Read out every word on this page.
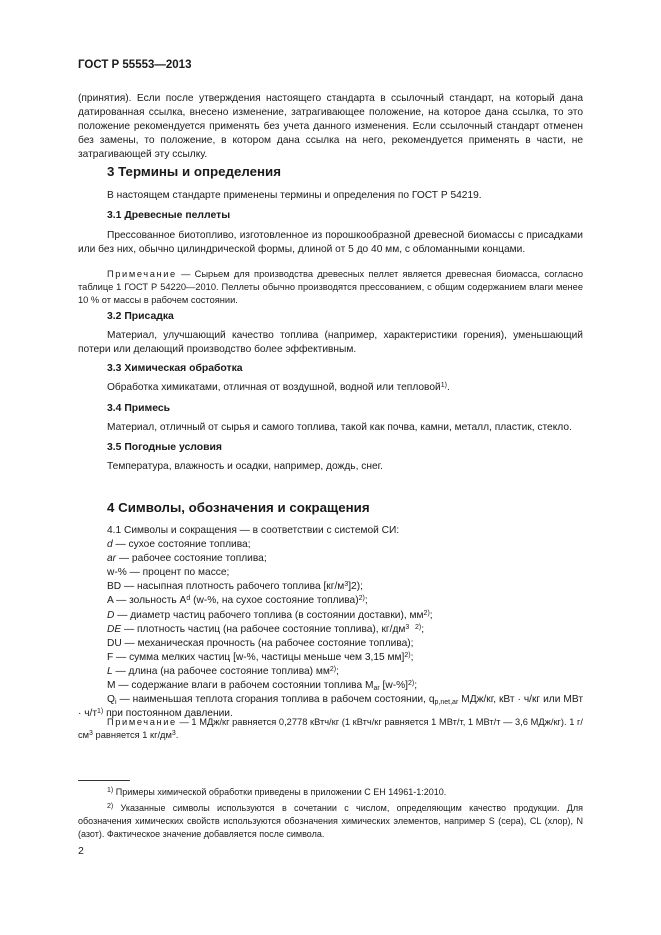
ГОСТ Р 55553—2013
(принятия). Если после утверждения настоящего стандарта в ссылочный стандарт, на который дана датированная ссылка, внесено изменение, затрагивающее положение, на которое дана ссылка, то это положение рекомендуется применять без учета данного изменения. Если ссылочный стандарт отменен без замены, то положение, в котором дана ссылка на него, рекомендуется применять в части, не затрагивающей эту ссылку.
3 Термины и определения
В настоящем стандарте применены термины и определения по ГОСТ Р 54219.
3.1 Древесные пеллеты
Прессованное биотопливо, изготовленное из порошкообразной древесной биомассы с присадками или без них, обычно цилиндрической формы, длиной от 5 до 40 мм, с обломанными концами.
Примечание — Сырьем для производства древесных пеллет является древесная биомасса, согласно таблице 1 ГОСТ Р 54220—2010. Пеллеты обычно производятся прессованием, с общим содержанием влаги менее 10 % от массы в рабочем состоянии.
3.2 Присадка
Материал, улучшающий качество топлива (например, характеристики горения), уменьшающий потери или делающий производство более эффективным.
3.3 Химическая обработка
Обработка химикатами, отличная от воздушной, водной или тепловой$^{1)}$.
3.4 Примесь
Материал, отличный от сырья и самого топлива, такой как почва, камни, металл, пластик, стекло.
3.5 Погодные условия
Температура, влажность и осадки, например, дождь, снег.
4 Символы, обозначения и сокращения
4.1 Символы и сокращения — в соответствии с системой СИ:
d — сухое состояние топлива;
ar — рабочее состояние топлива;
w-% — процент по массе;
BD — насыпная плотность рабочего топлива $[кг/м^3]2$);
A — зольность $A^d$ (w-%, на сухое состояние топлива)$^{2)}$;
D — диаметр частиц рабочего топлива (в состоянии доставки), $мм^{2)}$;
DE — плотность частиц (на рабочее состояние топлива), $кг/дм^3$ $^{2)}$;
DU — механическая прочность (на рабочее состояние топлива);
F — сумма мелких частиц [w-%, частицы меньше чем 3,15 мм]$^{2)}$;
L — длина (на рабочее состояние топлива) $мм^{2)}$;
M — содержание влаги в рабочем состоянии топлива $M_{ar}$ $[w-\%]^{2)}$;
$Q_i$ — наименьшая теплота сгорания топлива в рабочем состоянии, $q_{p,net,ar}$ МДж/кг, кВт · ч/кг или МВт · $ч/т^{1)}$ при постоянном давлении.
Примечание — 1 МДж/кг равняется 0,2778 кВтч/кг (1 кВтч/кг равняется 1 МВт/т, 1 МВт/т — 3,6 МДж/кг). 1 $г/см^3$ равняется 1 $кг/дм^3$.
$^{1)}$ Примеры химической обработки приведены в приложении С ЕН 14961-1:2010.
$^{2)}$ Указанные символы используются в сочетании с числом, определяющим качество продукции. Для обозначения химических свойств используются обозначения химических элементов, например S (сера), CL (хлор), N (азот). Фактическое значение добавляется после символа.
2
